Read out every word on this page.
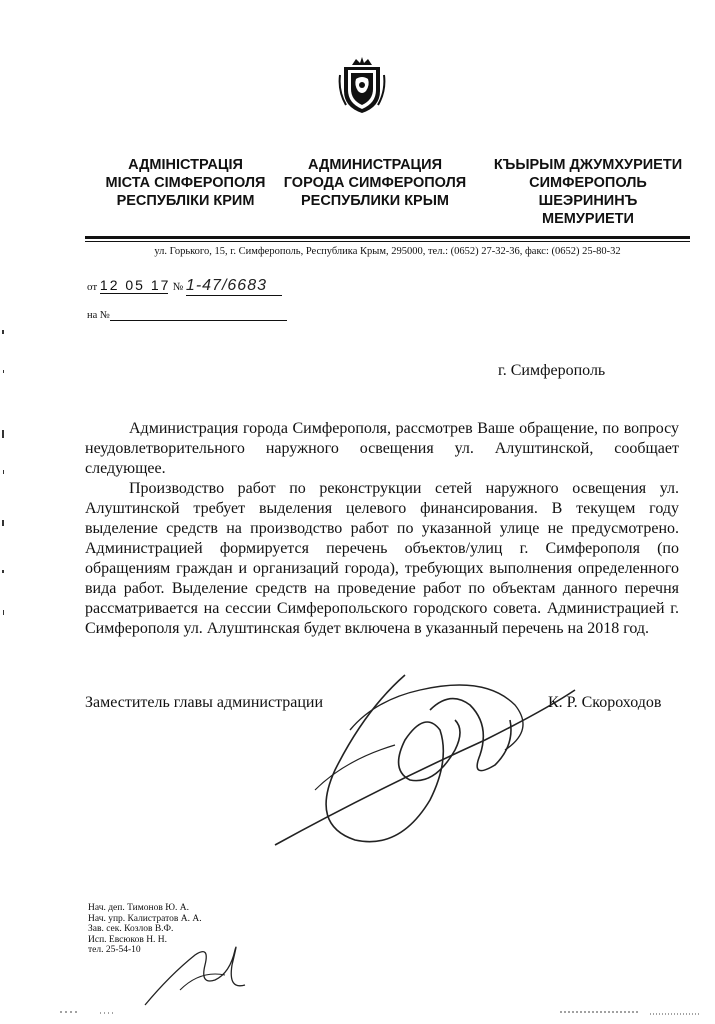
АДМІНІСТРАЦІЯ
МІСТА СІМФЕРОПОЛЯ
РЕСПУБЛІКИ КРИМ
АДМИНИСТРАЦИЯ
ГОРОДА СИМФЕРОПОЛЯ
РЕСПУБЛИКИ КРЫМ
КЪЫРЫМ ДЖУМХУРИЕТИ
СИМФЕРОПОЛЬ
ШЕЭРИНИНЪ
МЕМУРИЕТИ
ул. Горького, 15, г. Симферополь, Республика Крым, 295000, тел.: (0652) 27-32-36, факс: (0652) 25-80-32
от 12 05 17 № 1-47/6683
на №
г. Симферополь

Администрация города Симферополя, рассмотрев Ваше обращение, по вопросу неудовлетворительного наружного освещения ул. Алуштинской, сообщает следующее.

Производство работ по реконструкции сетей наружного освещения ул. Алуштинской требует выделения целевого финансирования. В текущем году выделение средств на производство работ по указанной улице не предусмотрено. Администрацией формируется перечень объектов/улиц г. Симферополя (по обращениям граждан и организаций города), требующих выполнения определенного вида работ. Выделение средств на проведение работ по объектам данного перечня рассматривается на сессии Симферопольского городского совета. Администрацией г. Симферополя ул. Алуштинская будет включена в указанный перечень на 2018 год.

Заместитель главы администрации	К. Р. Скороходов
Нач. деп. Тимонов Ю. А.
Нач. упр. Калистратов А. А.
Зав. сек. Козлов В.Ф.
Исп. Евсюков Н. Н.
тел. 25-54-10
